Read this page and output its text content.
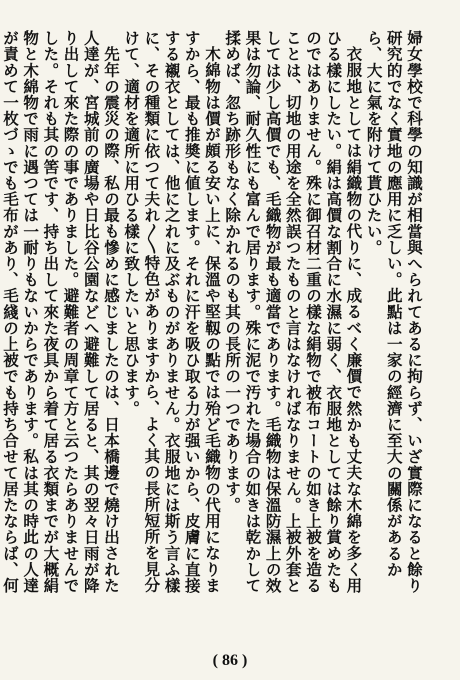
婦女學校で科學の知識が相當與へられてあるに拘らず、いざ實際になると餘り研究的でなく實地の應用に乏しい。此點は一家の經濟に至大の關係があるから、大に氣を附けて貰ひたい。

衣服地としては絹織物の代りに、成るべく廉價で然かも丈夫な木綿を多く用ひる樣にしたい。絹は高價な割合に水濕に弱く、衣服地としては餘り賞めたものではありません。殊に御召材二重の樣な絹物で被布コートの如き上被を造ることは、切地の用途を全然誤つたものと言はなければなりません。上被外套としては少し高價でも、毛織物が最も適當であります。毛織物は保溫防濕上の效果は勿論、耐久性にも富んで居ります。殊に泥で汚れた場合の如きは乾かして揉めば、忽ち跡形もなく除かれるのも其の長所の一つであります。

木綿物は價が頗る安い上に、保溫や堅靱の點では殆ど毛織物の代用になりますから、最も推奬に値します。それに汗を吸ひ取る力が强いから、皮膚に直接する襯衣としては、他に之れに及ぶものがありません。衣服地には斯う言ふ樣に、その種類に依つて夫れ〳〵特色がありますから、よく其の長所短所を見分けて、適材を適所に用ひる樣に致したいと思ひます。

先年の震災の際、私の最も慘めに感じましたのは、日本橋邊で燒け出された人達が、宮城前の廣場や日比谷公園などへ避難して居ると、其の翌々日雨が降り出して來た際の事でありました。避難者の周章て方と云つたらありませんでした。それも其の筈です、持ち出して來た夜具から着て居る衣類までが大概絹物と木綿物で雨に遇つては一耐りもないからであります。私は其の時此の人達が責めて一枚づゝでも毛布があり、毛綫の上被でも持ち合せて居たならば、何

( 86 )
